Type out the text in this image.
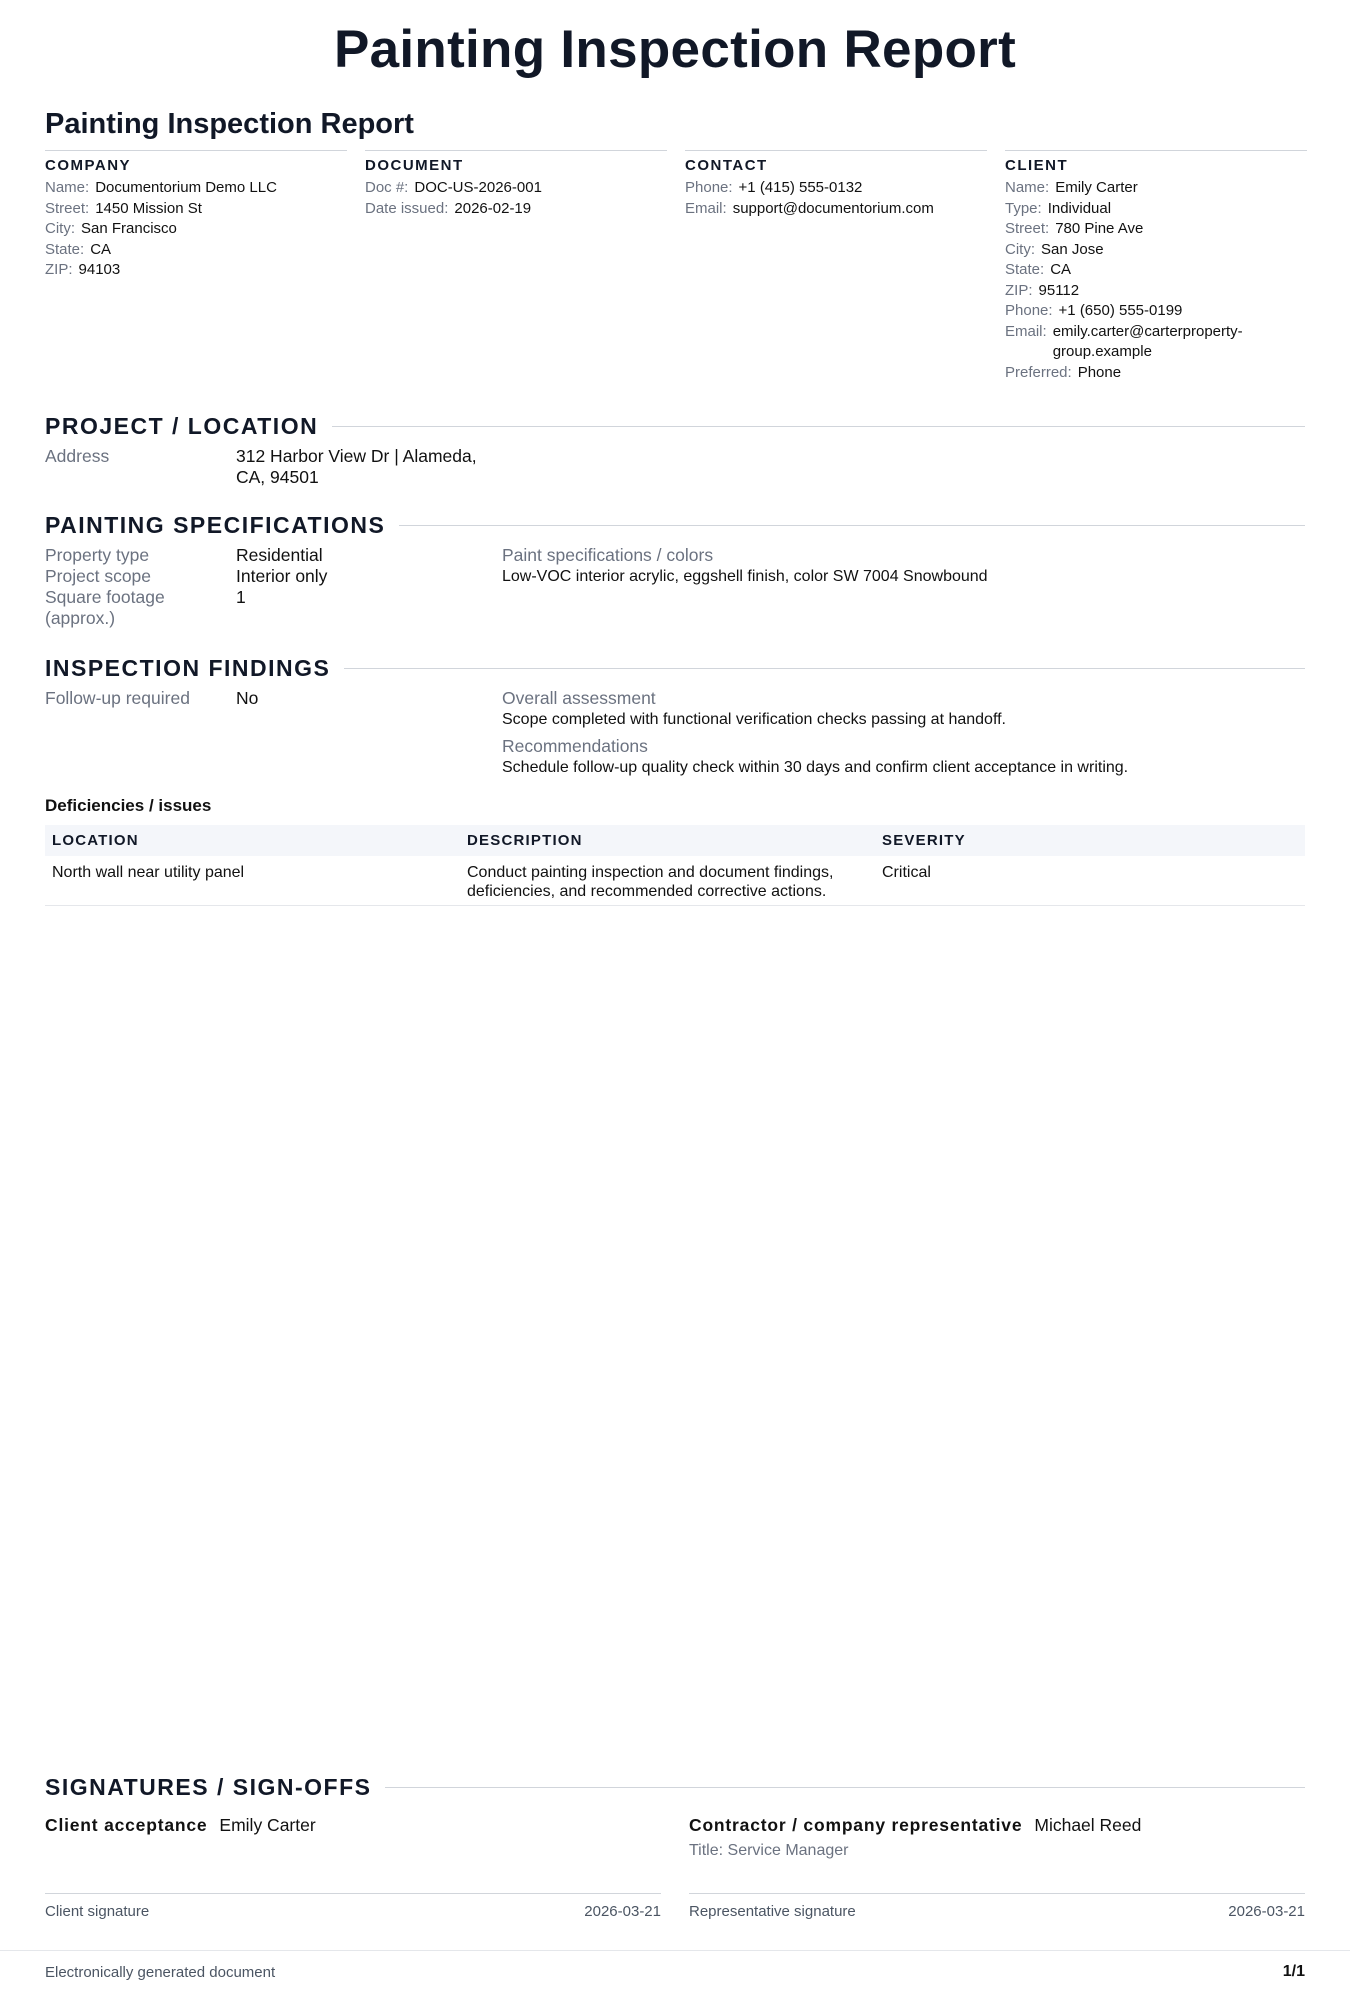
Painting Inspection Report
Painting Inspection Report
COMPANY
Name: Documentorium Demo LLC
Street: 1450 Mission St
City: San Francisco
State: CA
ZIP: 94103
DOCUMENT
Doc #: DOC-US-2026-001
Date issued: 2026-02-19
CONTACT
Phone: +1 (415) 555-0132
Email: support@documentorium.com
CLIENT
Name: Emily Carter
Type: Individual
Street: 780 Pine Ave
City: San Jose
State: CA
ZIP: 95112
Phone: +1 (650) 555-0199
Email: emily.carter@carterproperty-group.example
Preferred: Phone
PROJECT / LOCATION
Address	312 Harbor View Dr | Alameda, CA, 94501
PAINTING SPECIFICATIONS
Property type	Residential
Project scope	Interior only
Square footage (approx.)
1
Paint specifications / colors
Low-VOC interior acrylic, eggshell finish, color SW 7004 Snowbound
INSPECTION FINDINGS
Follow-up required	No	Overall assessment
Scope completed with functional verification checks passing at handoff.
Recommendations
Schedule follow-up quality check within 30 days and confirm client acceptance in writing.
Deficiencies / issues
LOCATION	DESCRIPTION	SEVERITY
North wall near utility panel	Conduct painting inspection and document findings, deficiencies, and recommended corrective actions.	Critical
SIGNATURES / SIGN-OFFS
Client acceptance Emily Carter
Client signature	2026-03-21
Contractor / company representative Michael Reed
Title: Service Manager
Representative signature	2026-03-21
Electronically generated document	1/1
